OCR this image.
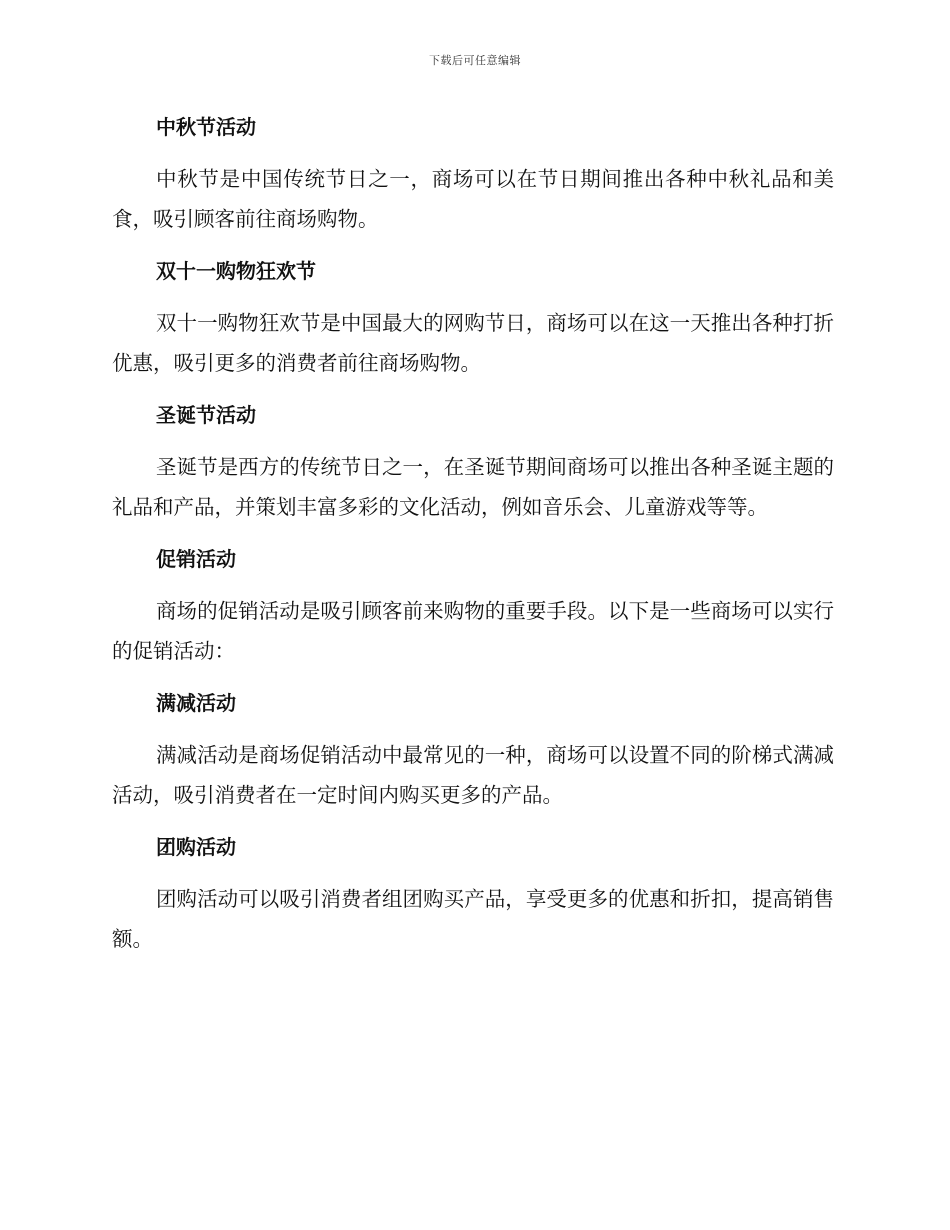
下载后可任意编辑
中秋节活动

中秋节是中国传统节日之一，商场可以在节日期间推出各种中秋礼品和美食，吸引顾客前往商场购物。

双十一购物狂欢节

双十一购物狂欢节是中国最大的网购节日，商场可以在这一天推出各种打折优惠，吸引更多的消费者前往商场购物。

圣诞节活动

圣诞节是西方的传统节日之一，在圣诞节期间商场可以推出各种圣诞主题的礼品和产品，并策划丰富多彩的文化活动，例如音乐会、儿童游戏等等。

促销活动

商场的促销活动是吸引顾客前来购物的重要手段。以下是一些商场可以实行的促销活动：

满减活动

满减活动是商场促销活动中最常见的一种，商场可以设置不同的阶梯式满减活动，吸引消费者在一定时间内购买更多的产品。

团购活动

团购活动可以吸引消费者组团购买产品，享受更多的优惠和折扣，提高销售额。
